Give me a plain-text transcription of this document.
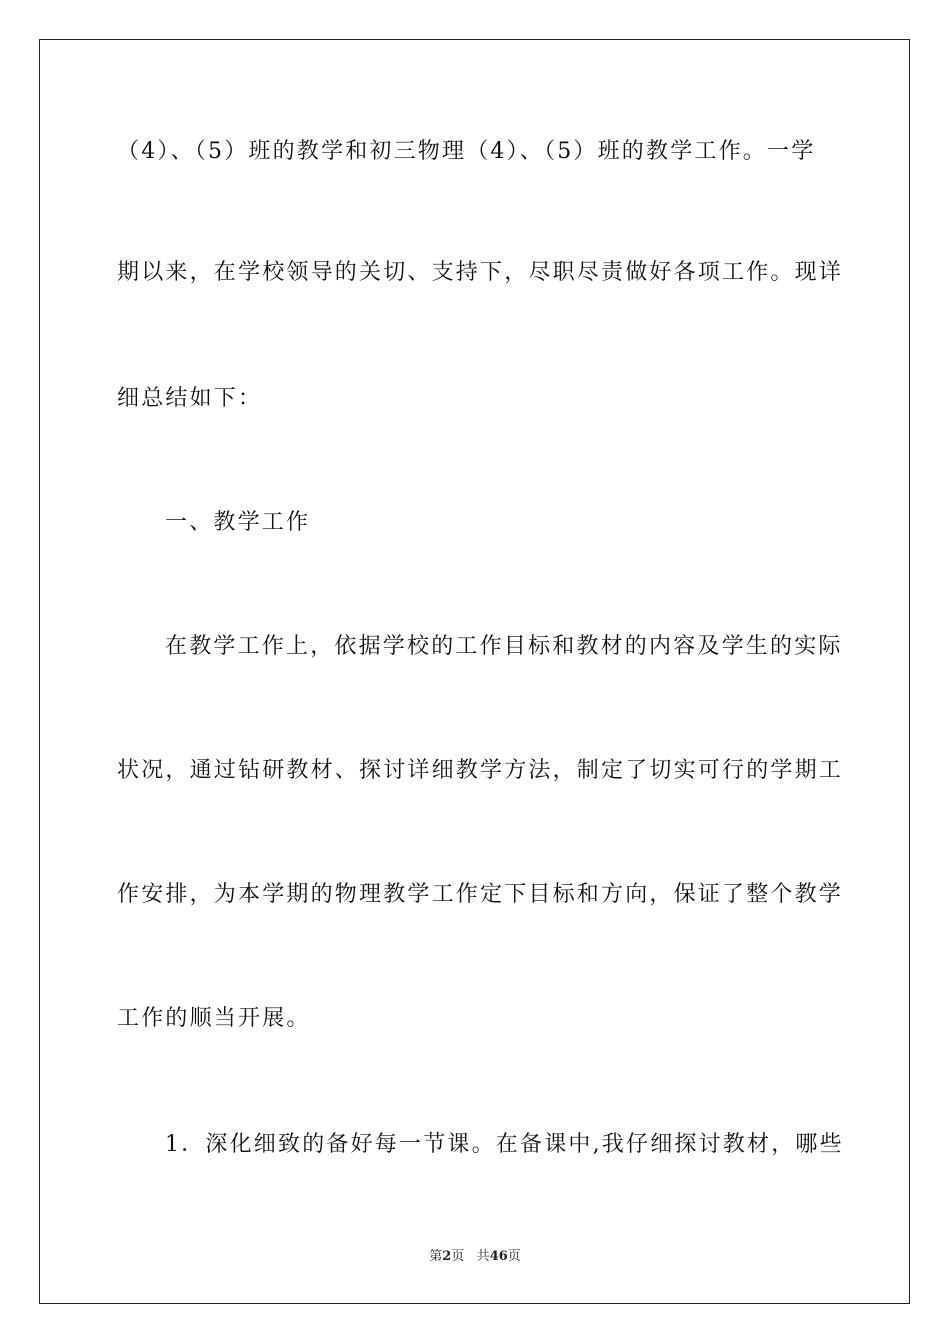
（4）、（5）班的教学和初三物理（4）、（5）班的教学工作。一学
期以来，在学校领导的关切、支持下，尽职尽责做好各项工作。现详
细总结如下：
一、教学工作
在教学工作上，依据学校的工作目标和教材的内容及学生的实际
状况，通过钻研教材、探讨详细教学方法，制定了切实可行的学期工
作安排，为本学期的物理教学工作定下目标和方向，保证了整个教学
工作的顺当开展。
1．深化细致的备好每一节课。在备课中,我仔细探讨教材，哪些
第2页 共46页
